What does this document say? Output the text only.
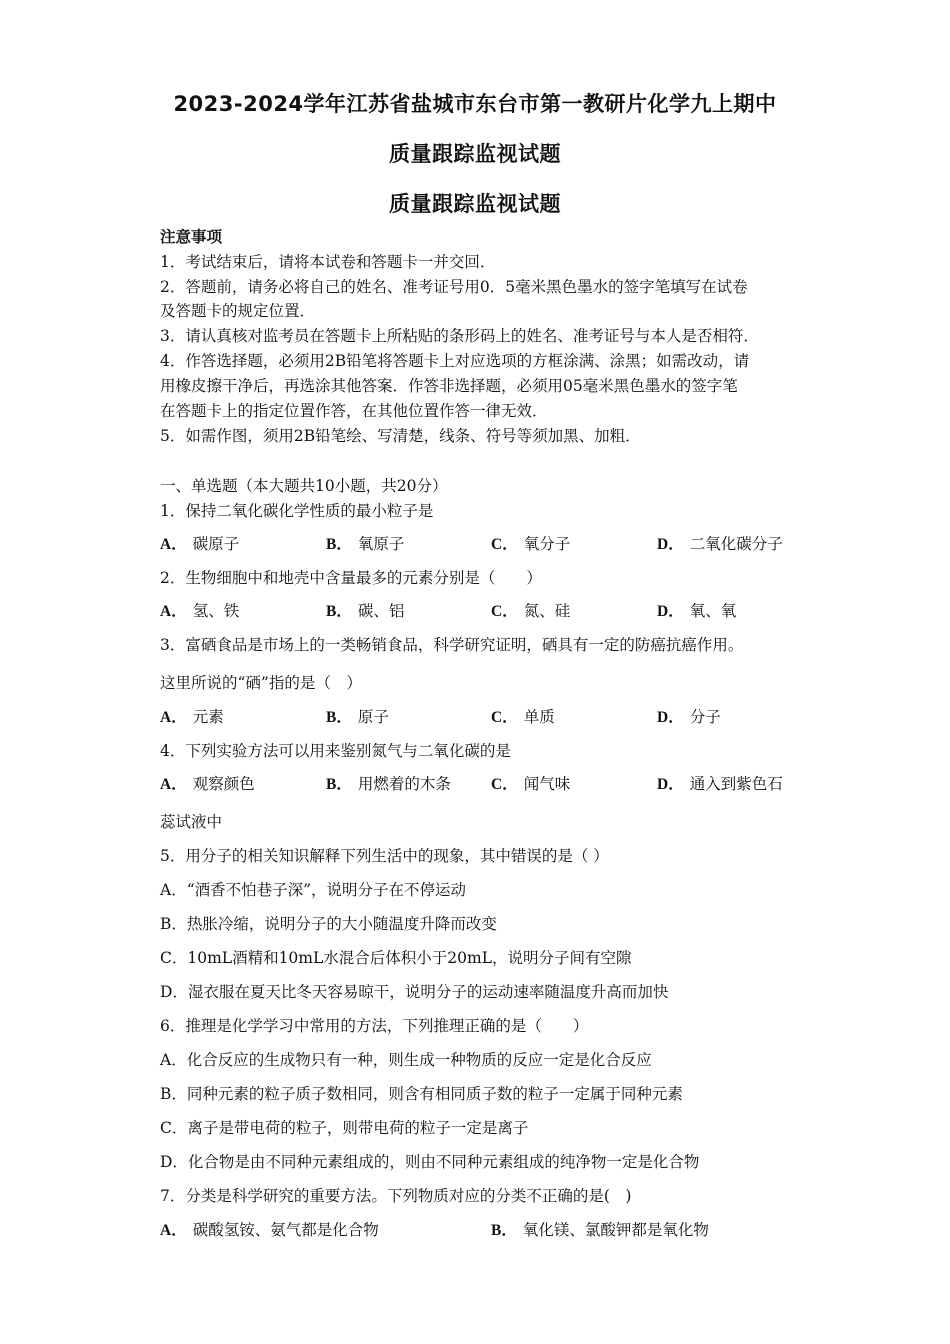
2023-2024学年江苏省盐城市东台市第一教研片化学九上期中
质量跟踪监视试题
质量跟踪监视试题
注意事项
1．考试结束后，请将本试卷和答题卡一并交回．
2．答题前，请务必将自己的姓名、准考证号用0．5毫米黑色墨水的签字笔填写在试卷
及答题卡的规定位置．
3．请认真核对监考员在答题卡上所粘贴的条形码上的姓名、准考证号与本人是否相符．
4．作答选择题，必须用2B铅笔将答题卡上对应选项的方框涂满、涂黑；如需改动，请
用橡皮擦干净后，再选涂其他答案．作答非选择题，必须用05毫米黑色墨水的签字笔
在答题卡上的指定位置作答，在其他位置作答一律无效．
5．如需作图，须用2B铅笔绘、写清楚，线条、符号等须加黑、加粗．
一、单选题（本大题共10小题，共20分）
1．保持二氧化碳化学性质的最小粒子是
A． 碳原子	B． 氧原子	C． 氧分子	D． 二氧化碳分子
2．生物细胞中和地壳中含量最多的元素分别是（　　）
A． 氢、铁	B． 碳、铝	C． 氮、硅	D． 氧、氧
3．富硒食品是市场上的一类畅销食品，科学研究证明，硒具有一定的防癌抗癌作用。
这里所说的“硒”指的是（　）
A． 元素	B． 原子	C． 单质	D． 分子
4．下列实验方法可以用来鉴别氮气与二氧化碳的是
A． 观察颜色	B． 用燃着的木条	C． 闻气味	D． 通入到紫色石
蕊试液中
5．用分子的相关知识解释下列生活中的现象，其中错误的是（ ）
A．“酒香不怕巷子深”，说明分子在不停运动
B．热胀冷缩，说明分子的大小随温度升降而改变
C．10mL酒精和10mL水混合后体积小于20mL，说明分子间有空隙
D．湿衣服在夏天比冬天容易晾干，说明分子的运动速率随温度升高而加快
6．推理是化学学习中常用的方法，下列推理正确的是（　　）
A．化合反应的生成物只有一种，则生成一种物质的反应一定是化合反应
B．同种元素的粒子质子数相同，则含有相同质子数的粒子一定属于同种元素
C．离子是带电荷的粒子，则带电荷的粒子一定是离子
D．化合物是由不同种元素组成的，则由不同种元素组成的纯净物一定是化合物
7．分类是科学研究的重要方法。下列物质对应的分类不正确的是(　)
A． 碳酸氢铵、氨气都是化合物	B． 氧化镁、氯酸钾都是氧化物
